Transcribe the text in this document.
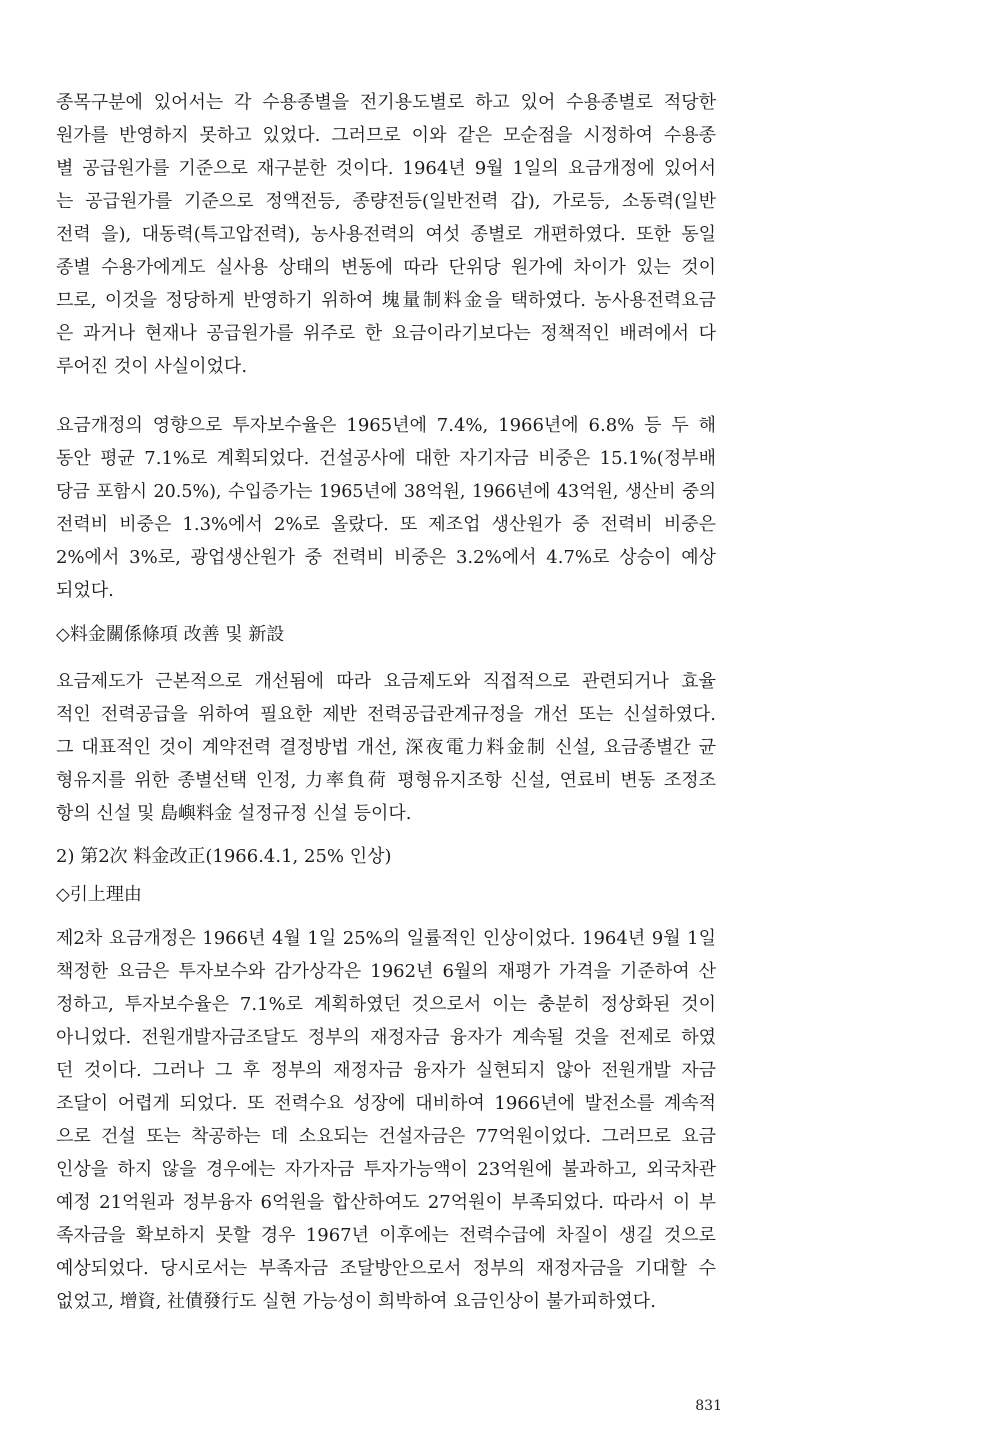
종목구분에 있어서는 각 수용종별을 전기용도별로 하고 있어 수용종별로 적당한
원가를 반영하지 못하고 있었다. 그러므로 이와 같은 모순점을 시정하여 수용종
별 공급원가를 기준으로 재구분한 것이다. 1964년 9월 1일의 요금개정에 있어서
는 공급원가를 기준으로 정액전등, 종량전등(일반전력 갑), 가로등, 소동력(일반
전력 을), 대동력(특고압전력), 농사용전력의 여섯 종별로 개편하였다. 또한 동일
종별 수용가에게도 실사용 상태의 변동에 따라 단위당 원가에 차이가 있는 것이
므로, 이것을 정당하게 반영하기 위하여 塊量制料金을 택하였다. 농사용전력요금
은 과거나 현재나 공급원가를 위주로 한 요금이라기보다는 정책적인 배려에서 다
루어진 것이 사실이었다.
요금개정의 영향으로 투자보수율은 1965년에 7.4%, 1966년에 6.8% 등 두 해
동안 평균 7.1%로 계획되었다. 건설공사에 대한 자기자금 비중은 15.1%(정부배
당금 포함시 20.5%), 수입증가는 1965년에 38억원, 1966년에 43억원, 생산비 중의
전력비 비중은 1.3%에서 2%로 올랐다. 또 제조업 생산원가 중 전력비 비중은
2%에서 3%로, 광업생산원가 중 전력비 비중은 3.2%에서 4.7%로 상승이 예상
되었다.
◇料金關係條項 改善 및 新設
요금제도가 근본적으로 개선됨에 따라 요금제도와 직접적으로 관련되거나 효율
적인 전력공급을 위하여 필요한 제반 전력공급관계규정을 개선 또는 신설하였다.
그 대표적인 것이 계약전력 결정방법 개선, 深夜電力料金制 신설, 요금종별간 균
형유지를 위한 종별선택 인정, 力率負荷 평형유지조항 신설, 연료비 변동 조정조
항의 신설 및 島嶼料金 설정규정 신설 등이다.
2) 第2次 料金改正(1966.4.1, 25% 인상)
◇引上理由
제2차 요금개정은 1966년 4월 1일 25%의 일률적인 인상이었다. 1964년 9월 1일
책정한 요금은 투자보수와 감가상각은 1962년 6월의 재평가 가격을 기준하여 산
정하고, 투자보수율은 7.1%로 계획하였던 것으로서 이는 충분히 정상화된 것이
아니었다. 전원개발자금조달도 정부의 재정자금 융자가 계속될 것을 전제로 하였
던 것이다. 그러나 그 후 정부의 재정자금 융자가 실현되지 않아 전원개발 자금
조달이 어렵게 되었다. 또 전력수요 성장에 대비하여 1966년에 발전소를 계속적
으로 건설 또는 착공하는 데 소요되는 건설자금은 77억원이었다. 그러므로 요금
인상을 하지 않을 경우에는 자가자금 투자가능액이 23억원에 불과하고, 외국차관
예정 21억원과 정부융자 6억원을 합산하여도 27억원이 부족되었다. 따라서 이 부
족자금을 확보하지 못할 경우 1967년 이후에는 전력수급에 차질이 생길 것으로
예상되었다. 당시로서는 부족자금 조달방안으로서 정부의 재정자금을 기대할 수
없었고, 增資, 社債發行도 실현 가능성이 희박하여 요금인상이 불가피하였다.
831
